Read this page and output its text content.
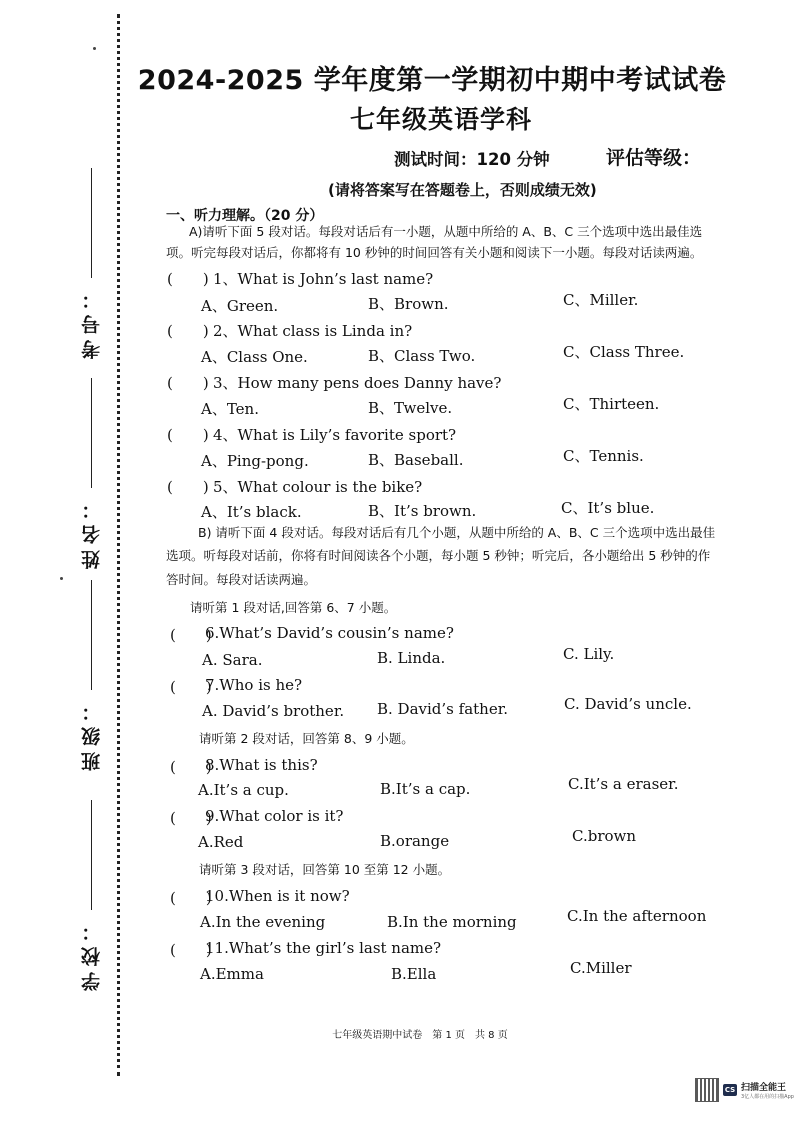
考号：
姓名：
班级：
学校：
2024-2025 学年度第一学期初中期中考试试卷
七年级英语学科
测试时间：120 分钟	评估等级：
(请将答案写在答题卷上，否则成绩无效)
一、听力理解。（20 分）
A)请听下面 5 段对话。每段对话后有一小题，从题中所给的 A、B、C 三个选项中选出最佳选
项。听完每段对话后，你都将有 10 秒钟的时间回答有关小题和阅读下一小题。每段对话读两遍。
(　　) 1、What is John’s last name?
A、Green.	B、Brown.	C、Miller.
(　　) 2、What class is Linda in?
A、Class One.	B、Class Two.	C、Class Three.
(　　) 3、How many pens does Danny have?
A、Ten.	B、Twelve.	C、Thirteen.
(　　) 4、What is Lily’s favorite sport?
A、Ping-pong.	B、Baseball.	C、Tennis.
(　　) 5、What colour is the bike?
A、It’s black.	B、It’s brown.	C、It’s blue.
B) 请听下面 4 段对话。每段对话后有几个小题，从题中所给的 A、B、C 三个选项中选出最佳
选项。听每段对话前，你将有时间阅读各个小题，每小题 5 秒钟；听完后，各小题给出 5 秒钟的作
答时间。每段对话读两遍。
请听第 1 段对话,回答第 6、7 小题。
(　　)
6.What’s David’s cousin’s name?
A. Sara.	B. Linda.	C. Lily.
(　　)
7.Who is he?
A. David’s brother. B. David’s father.	C. David’s uncle.
请听第 2 段对话，回答第 8、9 小题。
(　　)
8.What is this?
A.It’s a cup.	B.It’s a cap.	C.It’s a eraser.
(　　)
9.What color is it?
A.Red	B.orange	C.brown
请听第 3 段对话，回答第 10 至第 12 小题。
(　　)
10.When is it now?
A.In the evening	B.In the morning	C.In the afternoon
(　　)
11.What’s the girl’s last name?
A.Emma	B.Ella	C.Miller
七年级英语期中试卷　第 1 页　共 8 页
CS 扫描全能王
3亿人都在用的扫描App
